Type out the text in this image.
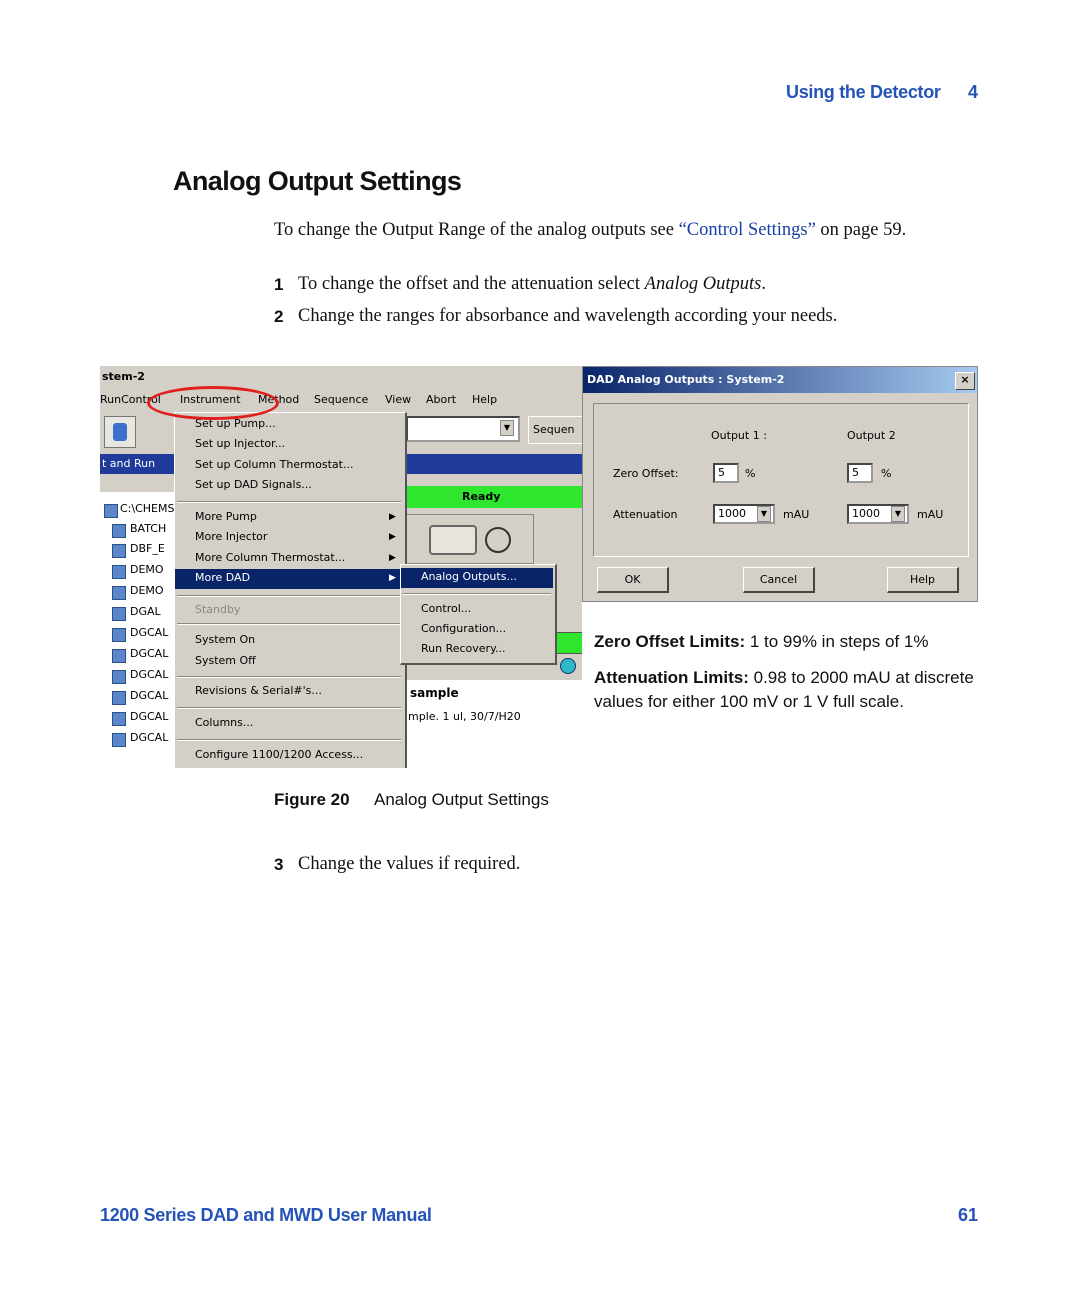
Using the Detector 4
Analog Output Settings
To change the Output Range of the analog outputs see “Control Settings” on page 59.
1 To change the offset and the attenuation select Analog Outputs.
2 Change the ranges for absorbance and wavelength according your needs.
stem-2
RunControl Instrument Method Sequence View Abort Help
▼	Sequen
t and Run
Ready
sample
mple. 1 ul, 30/7/H20
C:\CHEMS
BATCH
DBF_E
DEMO
DEMO
DGAL
DGCAL
DGCAL
DGCAL
DGCAL
DGCAL
DGCAL
Set up Pump...
Set up Injector...
Set up Column Thermostat...
Set up DAD Signals...
More Pump	▶
More Injector	▶
More Column Thermostat...	▶
More DAD	▶
Standby
System On
System Off
Revisions & Serial#'s...
Columns...
Configure 1100/1200 Access...
Analog Outputs...
Control...
Configuration...
Run Recovery...
DAD Analog Outputs : System-2	×
Output 1 :	Output 2
Zero Offset:	5	%	5	%
Attenuation	1000	▼	mAU	1000	▼	mAU
OK	Cancel	Help
Zero Offset Limits: 1 to 99% in steps of 1%
Attenuation Limits: 0.98 to 2000 mAU at discrete values for either 100 mV or 1 V full scale.
Figure 20 Analog Output Settings
3 Change the values if required.
1200 Series DAD and MWD User Manual	61
